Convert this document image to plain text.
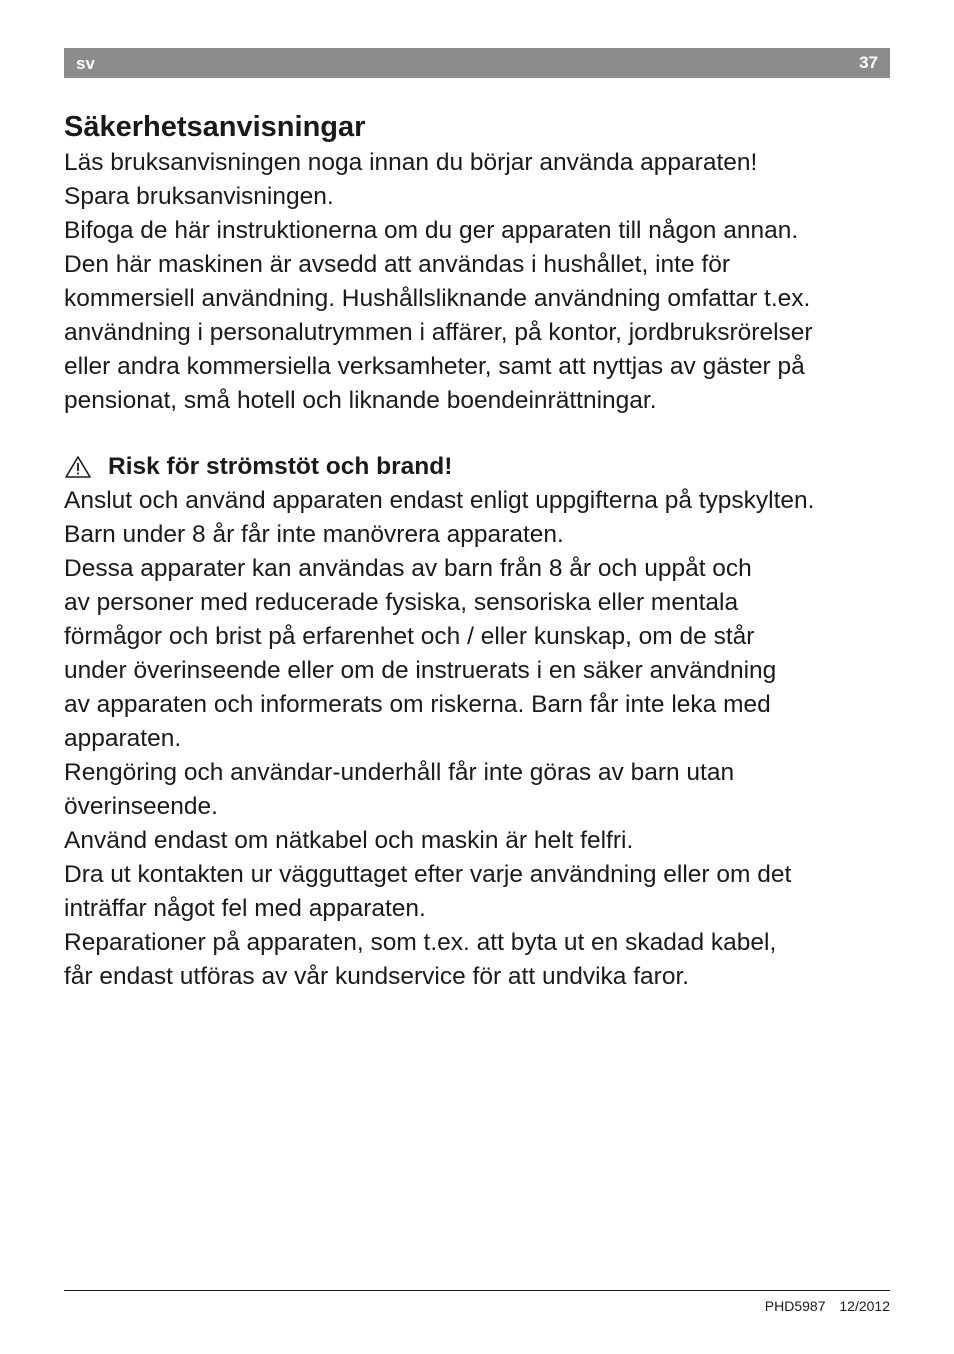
sv	37
Säkerhetsanvisningar

Läs bruksanvisningen noga innan du börjar använda apparaten!

Spara bruksanvisningen.

Bifoga de här instruktionerna om du ger apparaten till någon annan.

Den här maskinen är avsedd att användas i hushållet, inte för

kommersiell användning. Hushållsliknande användning omfattar t.ex.

användning i personalutrymmen i affärer, på kontor, jordbruksrörelser

eller andra kommersiella verksamheter, samt att nyttjas av gäster på

pensionat, små hotell och liknande boendeinrättningar.

Risk för strömstöt och brand!

Anslut och använd apparaten endast enligt uppgifterna på typskylten.

Barn under 8 år får inte manövrera apparaten.

Dessa apparater kan användas av barn från 8 år och uppåt och

av personer med reducerade fysiska, sensoriska eller mentala

förmågor och brist på erfarenhet och / eller kunskap, om de står

under överinseende eller om de instruerats i en säker användning

av apparaten och informerats om riskerna. Barn får inte leka med

apparaten.

Rengöring och användar-underhåll får inte göras av barn utan

överinseende.

Använd endast om nätkabel och maskin är helt felfri.

Dra ut kontakten ur vägguttaget efter varje användning eller om det

inträffar något fel med apparaten.

Reparationer på apparaten, som t.ex. att byta ut en skadad kabel,

får endast utföras av vår kundservice för att undvika faror.

PHD5987 12/2012
